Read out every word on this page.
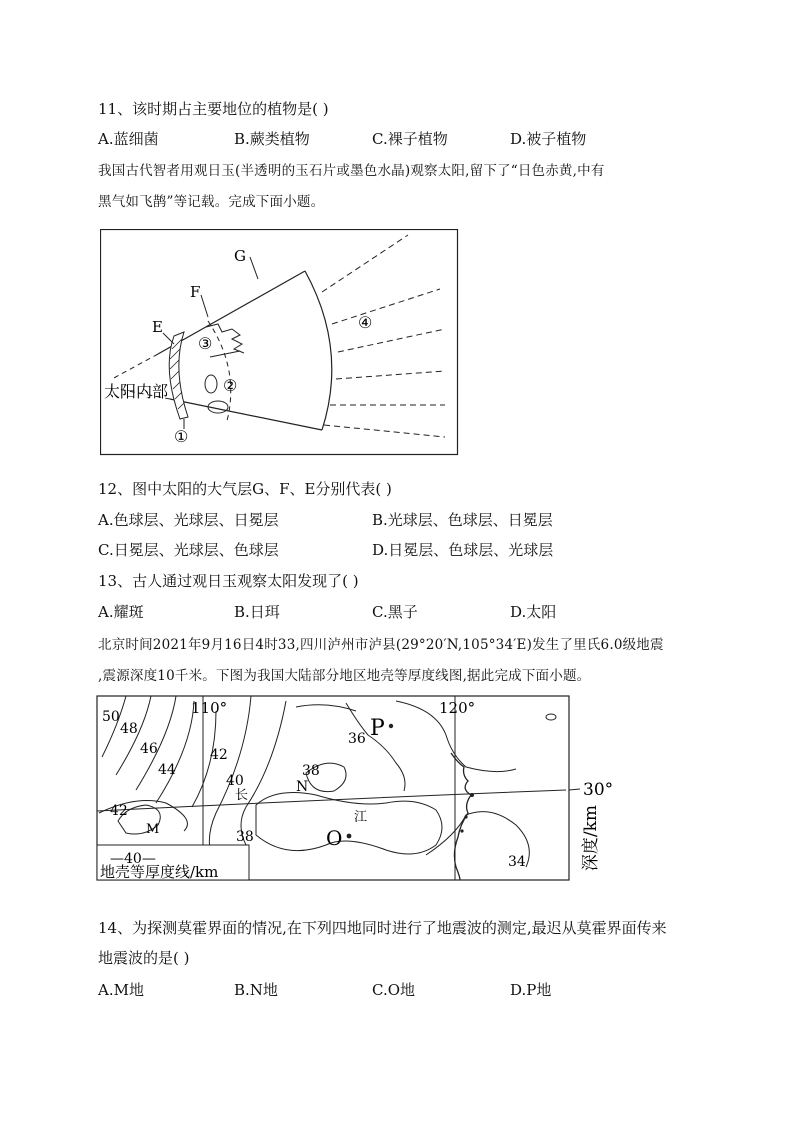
11、该时期占主要地位的植物是( )
A.蓝细菌	B.蕨类植物	C.裸子植物	D.被子植物
我国古代智者用观日玉(半透明的玉石片或墨色水晶)观察太阳,留下了“日色赤黄,中有
黑气如飞鹊”等记载。完成下面小题。
G
F
E
①
②
③
④
太阳内部
12、图中太阳的大气层G、F、E分别代表( )
A.色球层、光球层、日冕层	B.光球层、色球层、日冕层
C.日冕层、光球层、色球层	D.日冕层、色球层、光球层
13、古人通过观日玉观察太阳发现了( )
A.耀斑	B.日珥	C.黑子	D.太阳
北京时间2021年9月16日4时33,四川泸州市泸县(29°20′N,105°34′E)发生了里氏6.0级地震
,震源深度10千米。下图为我国大陆部分地区地壳等厚度线图,据此完成下面小题。
110°	120°
30°
50
48
46
44
42
42
40
38
38
36
34
P
N
M	O
长
江
—40—
地壳等厚度线/km
深度/km
14、为探测莫霍界面的情况,在下列四地同时进行了地震波的测定,最迟从莫霍界面传来
地震波的是( )
A.M地	B.N地	C.O地	D.P地
